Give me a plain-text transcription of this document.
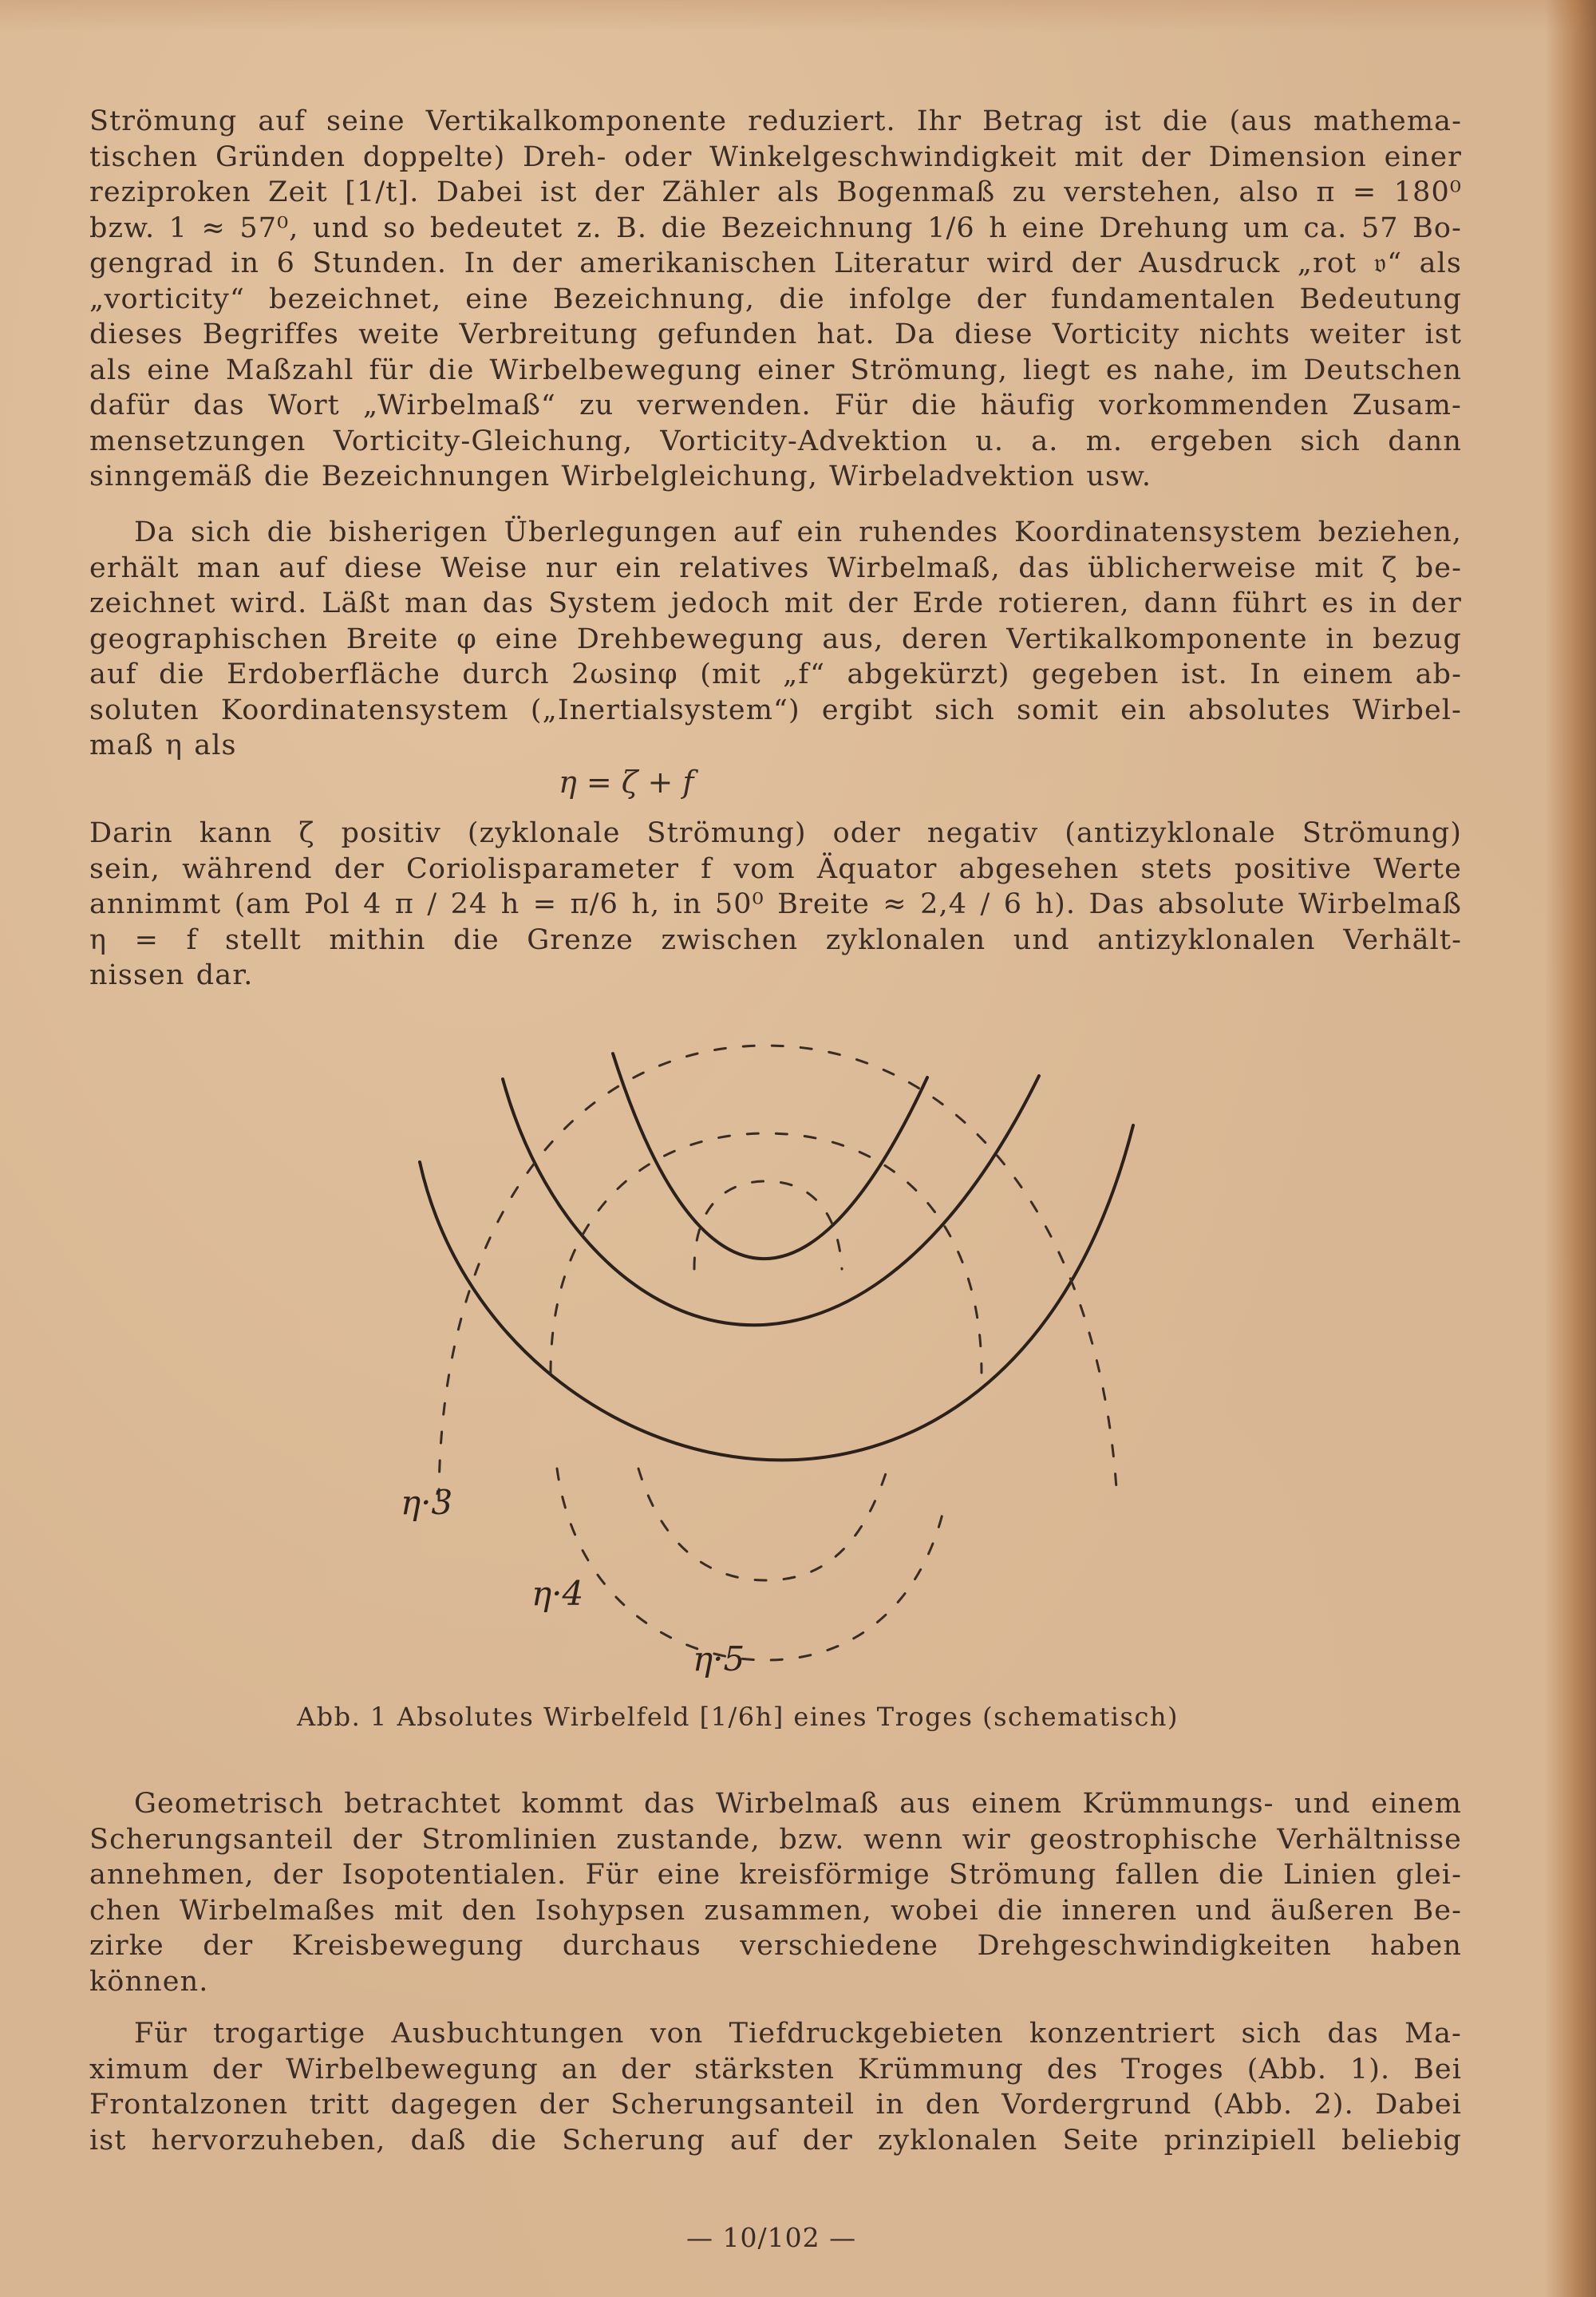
Strömung auf seine Vertikalkomponente reduziert. Ihr Betrag ist die (aus mathema-
tischen Gründen doppelte) Dreh- oder Winkelgeschwindigkeit mit der Dimension einer
reziproken Zeit [1/t]. Dabei ist der Zähler als Bogenmaß zu verstehen, also π = 180⁰
bzw. 1 ≈ 57⁰, und so bedeutet z. B. die Bezeichnung 1/6 h eine Drehung um ca. 57 Bo-
gengrad in 6 Stunden. In der amerikanischen Literatur wird der Ausdruck „rot 𝔳“ als
„vorticity“ bezeichnet, eine Bezeichnung, die infolge der fundamentalen Bedeutung
dieses Begriffes weite Verbreitung gefunden hat. Da diese Vorticity nichts weiter ist
als eine Maßzahl für die Wirbelbewegung einer Strömung, liegt es nahe, im Deutschen
dafür das Wort „Wirbelmaß“ zu verwenden. Für die häufig vorkommenden Zusam-
mensetzungen Vorticity-Gleichung, Vorticity-Advektion u. a. m. ergeben sich dann
sinngemäß die Bezeichnungen Wirbelgleichung, Wirbeladvektion usw.
Da sich die bisherigen Überlegungen auf ein ruhendes Koordinatensystem beziehen,
erhält man auf diese Weise nur ein relatives Wirbelmaß, das üblicherweise mit ζ be-
zeichnet wird. Läßt man das System jedoch mit der Erde rotieren, dann führt es in der
geographischen Breite φ eine Drehbewegung aus, deren Vertikalkomponente in bezug
auf die Erdoberfläche durch 2ωsinφ (mit „f“ abgekürzt) gegeben ist. In einem ab-
soluten Koordinatensystem („Inertialsystem“) ergibt sich somit ein absolutes Wirbel-
maß η als
η = ζ + f
Darin kann ζ positiv (zyklonale Strömung) oder negativ (antizyklonale Strömung)
sein, während der Coriolisparameter f vom Äquator abgesehen stets positive Werte
annimmt (am Pol 4 π / 24 h = π/6 h, in 50⁰ Breite ≈ 2,4 / 6 h). Das absolute Wirbelmaß
η = f stellt mithin die Grenze zwischen zyklonalen und antizyklonalen Verhält-
nissen dar.
η·3
η·4
η·5
Abb. 1 Absolutes Wirbelfeld [1/6h] eines Troges (schematisch)
Geometrisch betrachtet kommt das Wirbelmaß aus einem Krümmungs- und einem
Scherungsanteil der Stromlinien zustande, bzw. wenn wir geostrophische Verhältnisse
annehmen, der Isopotentialen. Für eine kreisförmige Strömung fallen die Linien glei-
chen Wirbelmaßes mit den Isohypsen zusammen, wobei die inneren und äußeren Be-
zirke der Kreisbewegung durchaus verschiedene Drehgeschwindigkeiten haben
können.
Für trogartige Ausbuchtungen von Tiefdruckgebieten konzentriert sich das Ma-
ximum der Wirbelbewegung an der stärksten Krümmung des Troges (Abb. 1). Bei
Frontalzonen tritt dagegen der Scherungsanteil in den Vordergrund (Abb. 2). Dabei
ist hervorzuheben, daß die Scherung auf der zyklonalen Seite prinzipiell beliebig
— 10/102 —
